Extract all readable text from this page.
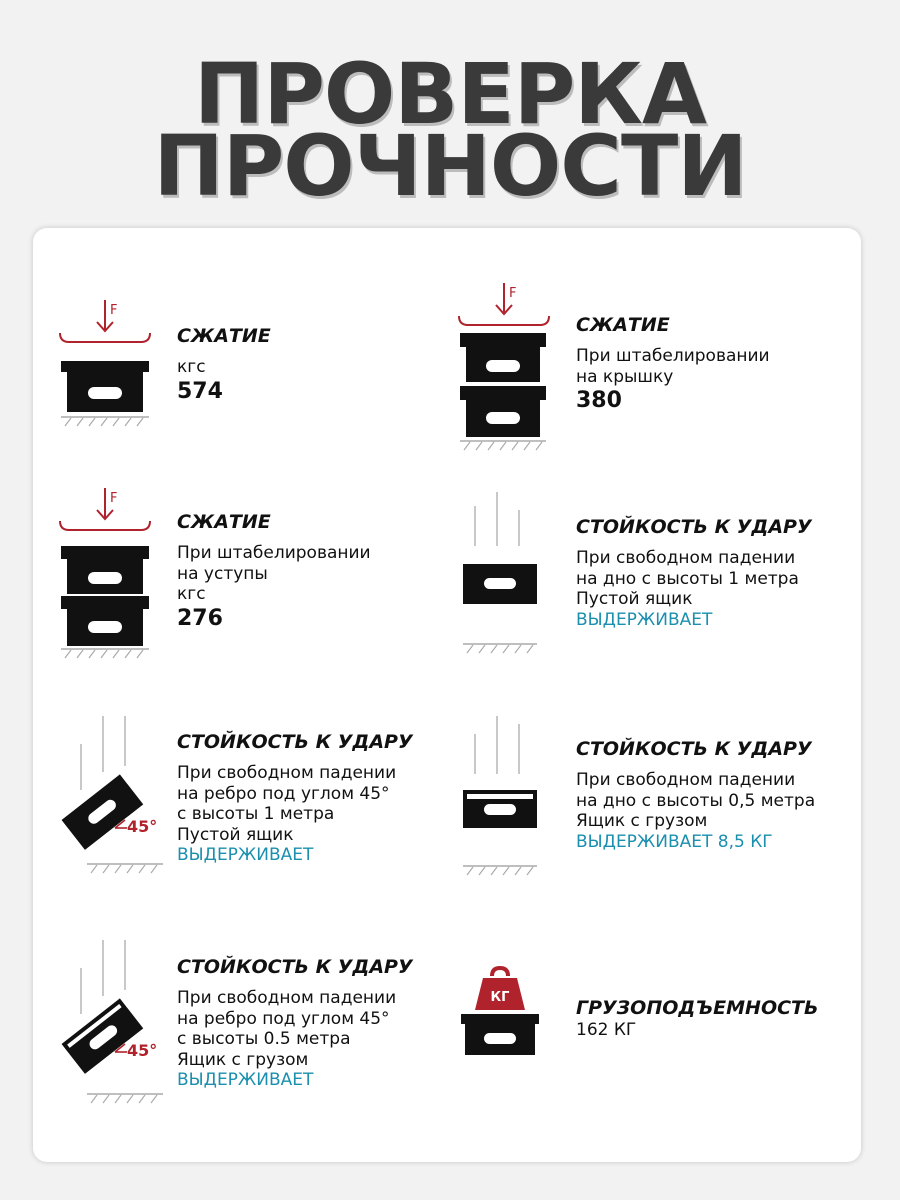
ПРОВЕРКА
ПРОЧНОСТИ
F
СЖАТИЕ
кгс
574
F
СЖАТИЕ
При штабелировании
на крышку
380
F
СЖАТИЕ
При штабелировании
на уступы
кгс
276
СТОЙКОСТЬ К УДАРУ
При свободном падении
на дно с высоты 1 метра
Пустой ящик
ВЫДЕРЖИВАЕТ
45°
СТОЙКОСТЬ К УДАРУ
При свободном падении
на ребро под углом 45°
с высоты 1 метра
Пустой ящик
ВЫДЕРЖИВАЕТ
СТОЙКОСТЬ К УДАРУ
При свободном падении
на дно с высоты 0,5 метра
Ящик с грузом
ВЫДЕРЖИВАЕТ 8,5 КГ
45°
СТОЙКОСТЬ К УДАРУ
При свободном падении
на ребро под углом 45°
с высоты 0.5 метра
Ящик с грузом
ВЫДЕРЖИВАЕТ
КГ	ГРУЗОПОДЪЕМНОСТЬ
162 КГ
